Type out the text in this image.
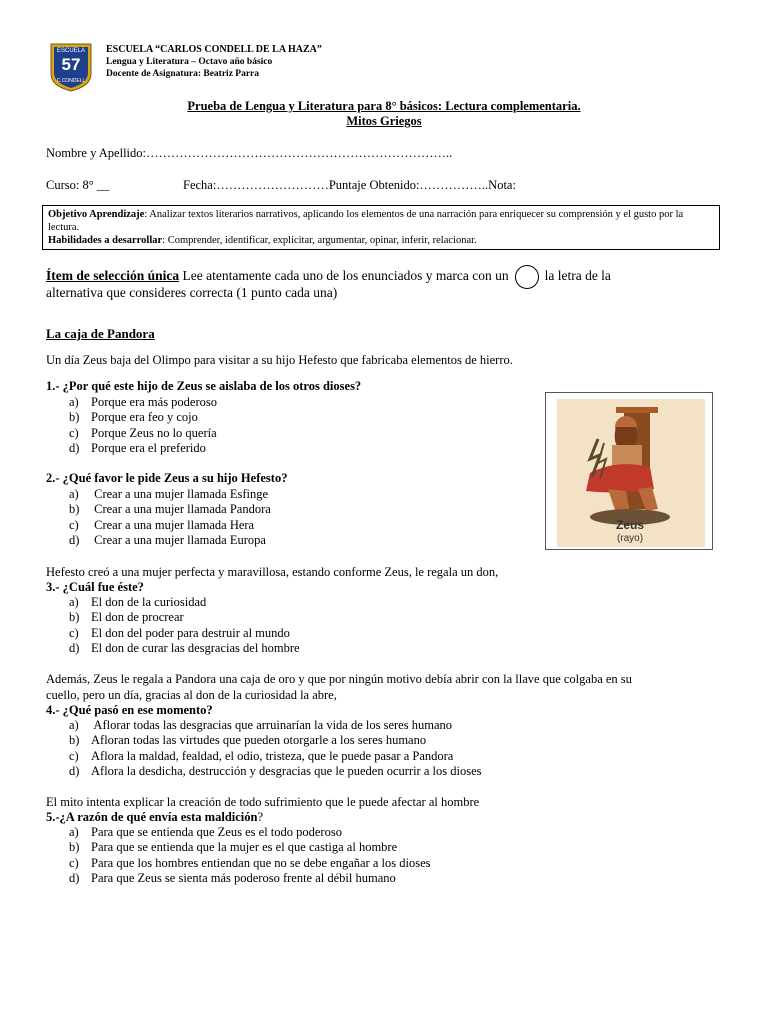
ESCUELA
57
C.CONDELL
ESCUELA “CARLOS CONDELL DE LA HAZA”
Lengua y Literatura – Octavo año básico
Docente de Asignatura: Beatriz Parra
Prueba de Lengua y Literatura para 8° básicos: Lectura complementaria.
Mitos Griegos
Nombre y Apellido:………………………………………………………………..
Curso: 8° __	Fecha:………………………Puntaje Obtenido:……………..Nota:
Objetivo Aprendizaje: Analizar textos literarios narrativos, aplicando los elementos de una narración para enriquecer su comprensión y el gusto por la lectura.
Habilidades a desarrollar: Comprender, identificar, explicitar, argumentar, opinar, inferir, relacionar.
Ítem de selección única Lee atentamente cada uno de los enunciados y marca con un	la letra de la
alternativa que consideres correcta (1 punto cada una)
La caja de Pandora
Un día Zeus baja del Olimpo para visitar a su hijo Hefesto que fabricaba elementos de hierro.
1.- ¿Por qué este hijo de Zeus se aislaba de los otros dioses?
a) Porque era más poderoso
b) Porque era feo y cojo
c) Porque Zeus no lo quería
d) Porque era el preferido
2.- ¿Qué favor le pide Zeus a su hijo Hefesto?
a) Crear a una mujer llamada Esfinge
b) Crear a una mujer llamada Pandora
c) Crear a una mujer llamada Hera
d) Crear a una mujer llamada Europa
Zeus
(rayo)
Hefesto creó a una mujer perfecta y maravillosa, estando conforme Zeus, le regala un don,
3.- ¿Cuál fue éste?
a) El don de la curiosidad
b) El don de procrear
c) El don del poder para destruir al mundo
d) El don de curar las desgracias del hombre
Además, Zeus le regala a Pandora una caja de oro y que por ningún motivo debía abrir con la llave que colgaba en su
cuello, pero un día, gracias al don de la curiosidad la abre,
4.- ¿Qué pasó en ese momento?
a) Aflorar todas las desgracias que arruinarían la vida de los seres humano
b) Afloran todas las virtudes que pueden otorgarle a los seres humano
c) Aflora la maldad, fealdad, el odio, tristeza, que le puede pasar a Pandora
d) Aflora la desdicha, destrucción y desgracias que le pueden ocurrir a los dioses
El mito intenta explicar la creación de todo sufrimiento que le puede afectar al hombre
5.-¿A razón de qué envía esta maldición?
a) Para que se entienda que Zeus es el todo poderoso
b) Para que se entienda que la mujer es el que castiga al hombre
c) Para que los hombres entiendan que no se debe engañar a los dioses
d) Para que Zeus se sienta más poderoso frente al débil humano
